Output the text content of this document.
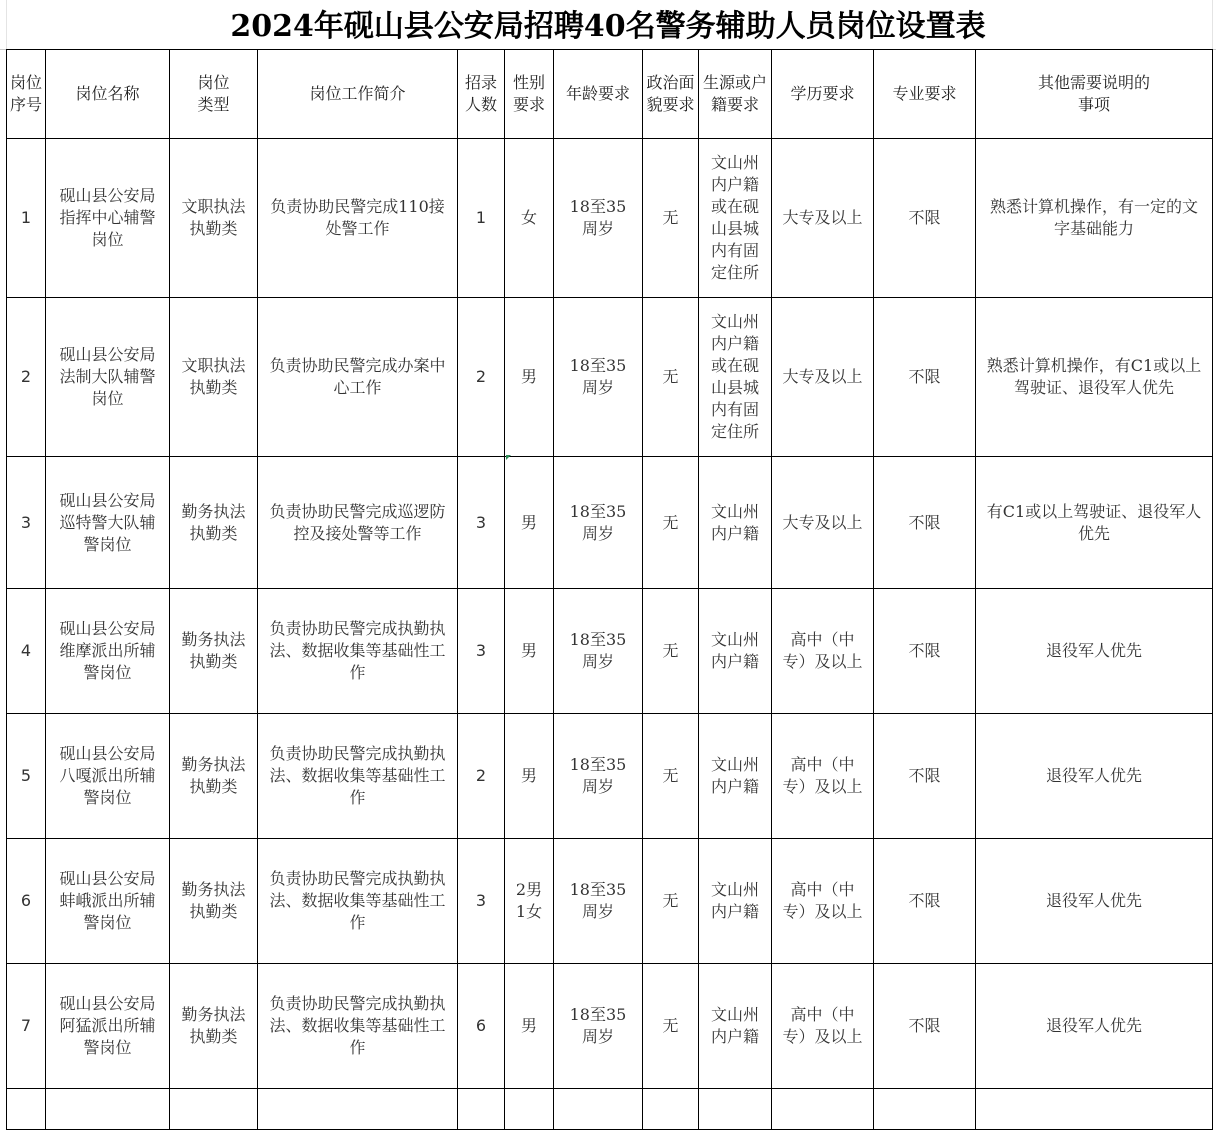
2024年砚山县公安局招聘40名警务辅助人员岗位设置表
岗位序号	岗位名称	岗位类型	岗位工作简介	招录人数	性别要求	年龄要求	政治面貌要求	生源或户籍要求	学历要求	专业要求	其他需要说明的事项
1	砚山县公安局指挥中心辅警岗位	文职执法执勤类	负责协助民警完成110接处警工作	1	女	18至35周岁	无	文山州内户籍或在砚山县城内有固定住所	大专及以上	不限	熟悉计算机操作，有一定的文字基础能力
2	砚山县公安局法制大队辅警岗位	文职执法执勤类	负责协助民警完成办案中心工作	2	男	18至35周岁	无	文山州内户籍或在砚山县城内有固定住所	大专及以上	不限	熟悉计算机操作，有C1或以上驾驶证、退役军人优先
3	砚山县公安局巡特警大队辅警岗位	勤务执法执勤类	负责协助民警完成巡逻防控及接处警等工作	3	男	18至35周岁	无	文山州内户籍	大专及以上	不限	有C1或以上驾驶证、退役军人优先
4	砚山县公安局维摩派出所辅警岗位	勤务执法执勤类	负责协助民警完成执勤执法、数据收集等基础性工作	3	男	18至35周岁	无	文山州内户籍	高中（中专）及以上	不限	退役军人优先
5	砚山县公安局八嘎派出所辅警岗位	勤务执法执勤类	负责协助民警完成执勤执法、数据收集等基础性工作	2	男	18至35周岁	无	文山州内户籍	高中（中专）及以上	不限	退役军人优先
6	砚山县公安局蚌峨派出所辅警岗位	勤务执法执勤类	负责协助民警完成执勤执法、数据收集等基础性工作	3	2男1女	18至35周岁	无	文山州内户籍	高中（中专）及以上	不限	退役军人优先
7	砚山县公安局阿猛派出所辅警岗位	勤务执法执勤类	负责协助民警完成执勤执法、数据收集等基础性工作	6	男	18至35周岁	无	文山州内户籍	高中（中专）及以上	不限	退役军人优先
